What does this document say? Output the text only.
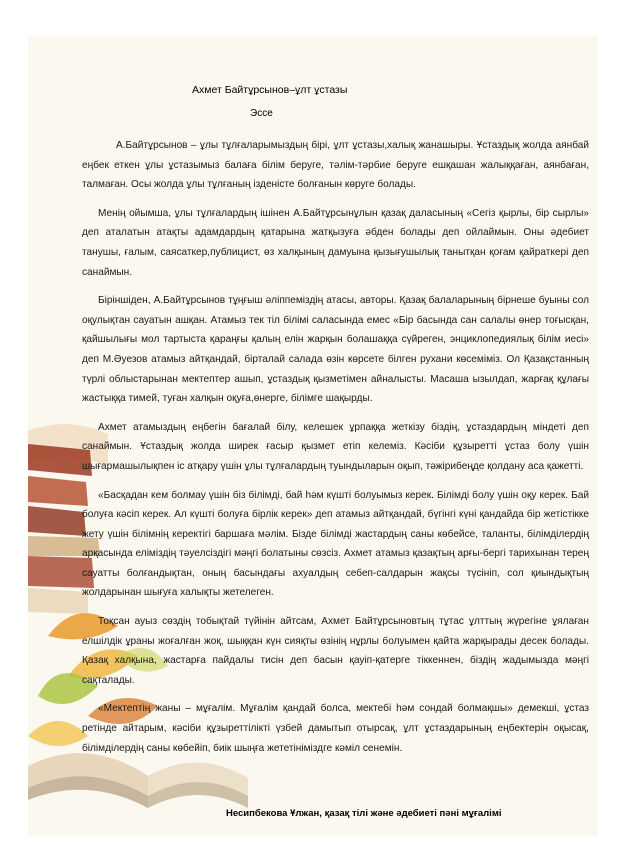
Ахмет Байтұрсынов–ұлт ұстазы
Эссе

А.Байтұрсынов – ұлы тұлғаларымыздың бірі, ұлт ұстазы,халық жанашыры. Ұстаздық жолда аянбай еңбек еткен ұлы ұстазымыз балаға білім беруге, тәлім-тәрбие беруге ешқашан жалыққаған, аянбаған, талмаған. Осы жолда ұлы тұлғаның ізденісте болғанын көруге болады.

Менің ойымша, ұлы тұлғалардың ішінен А.Байтұрсынұлын қазақ даласының «Сегіз қырлы, бір сырлы» деп аталатын атақты адамдардың қатарына жатқызуға әбден болады деп ойлаймын. Оны әдебиет танушы, ғалым, саясаткер,публицист, өз халқының дамуына қызығушылық танытқан қоғам қайраткері деп санаймын.

Біріншіден, А.Байтұрсынов тұңғыш әліппеміздің атасы, авторы. Қазақ балаларының бірнеше буыны сол оқулықтан сауатын ашқан. Атамыз тек тіл білімі саласында емес «Бір басында сан салалы өнер тоғысқан, қайшылығы мол тартыста қараңғы қалың елін жарқын болашаққа сүйреген, энциклопедиялық білім иесі» деп М.Әуезов атамыз айтқандай, бірталай салада өзін көрсете білген рухани көсеміміз. Ол Қазақстанның түрлі облыстарынан мектептер ашып, ұстаздық қызметімен айналысты. Масаша ызылдап, жарғақ құлағы жастыққа тимей, туған халқын оқуға,өнерге, білімге шақырды.

Ахмет атамыздың еңбегін бағалай білу, келешек ұрпаққа жеткізу біздің, ұстаздардың міндеті деп санаймын. Ұстаздық жолда ширек ғасыр қызмет етіп келеміз. Кәсіби құзыретті ұстаз болу үшін шығармашылықпен іс атқару үшін ұлы тұлғалардың туындыларын оқып, тәжірибеңде қолдану аса қажетті.

«Басқадан кем болмау үшін біз білімді, бай һәм күшті болуымыз керек. Білімді болу үшін оқу керек. Бай болуға кәсіп керек. Ал күшті болуға бірлік керек» деп атамыз айтқандай, бүгінгі күні қандайда бір жетістікке жету үшін білімнің керектігі баршаға мәлім. Бізде білімді жастардың саны көбейсе, таланты, білімділердің арқасында еліміздің тәуелсіздігі мәңгі болатыны сөзсіз. Ахмет атамыз қазақтың арғы-бергі тарихынан терең сауатты болғандықтан, оның басындағы ахуалдың себеп-салдарын жақсы түсініп, сол қиындықтың жолдарынан шығуға халықты жетелеген.

Тоқсан ауыз сөздің тобықтай түйінін айтсам, Ахмет Байтұрсыновтың тұтас ұлттың жүрегіне ұялаған елшілдік ұраны жоғалған жоқ, шыққан күн сияқты өзінің нұрлы болуымен қайта жарқырады десек болады. Қазақ халқына, жастарға пайдалы тисін деп басын қауіп-қатерге тіккеннен, біздің жадымызда мәңгі сақталады.

«Мектептің жаны – мұғалім. Мұғалім қандай болса, мектебі һәм сондай болмақшы» демекші, ұстаз ретінде айтарым, кәсіби құзыреттілікті үзбей дамытып отырсақ, ұлт ұстаздарының еңбектерін оқысақ, білімділердің саны көбейіп, биік шыңға жететініміздге кәміл сенемін.

Несипбекова Ұлжан, қазақ тілі және әдебиеті пәні мұғалімі
